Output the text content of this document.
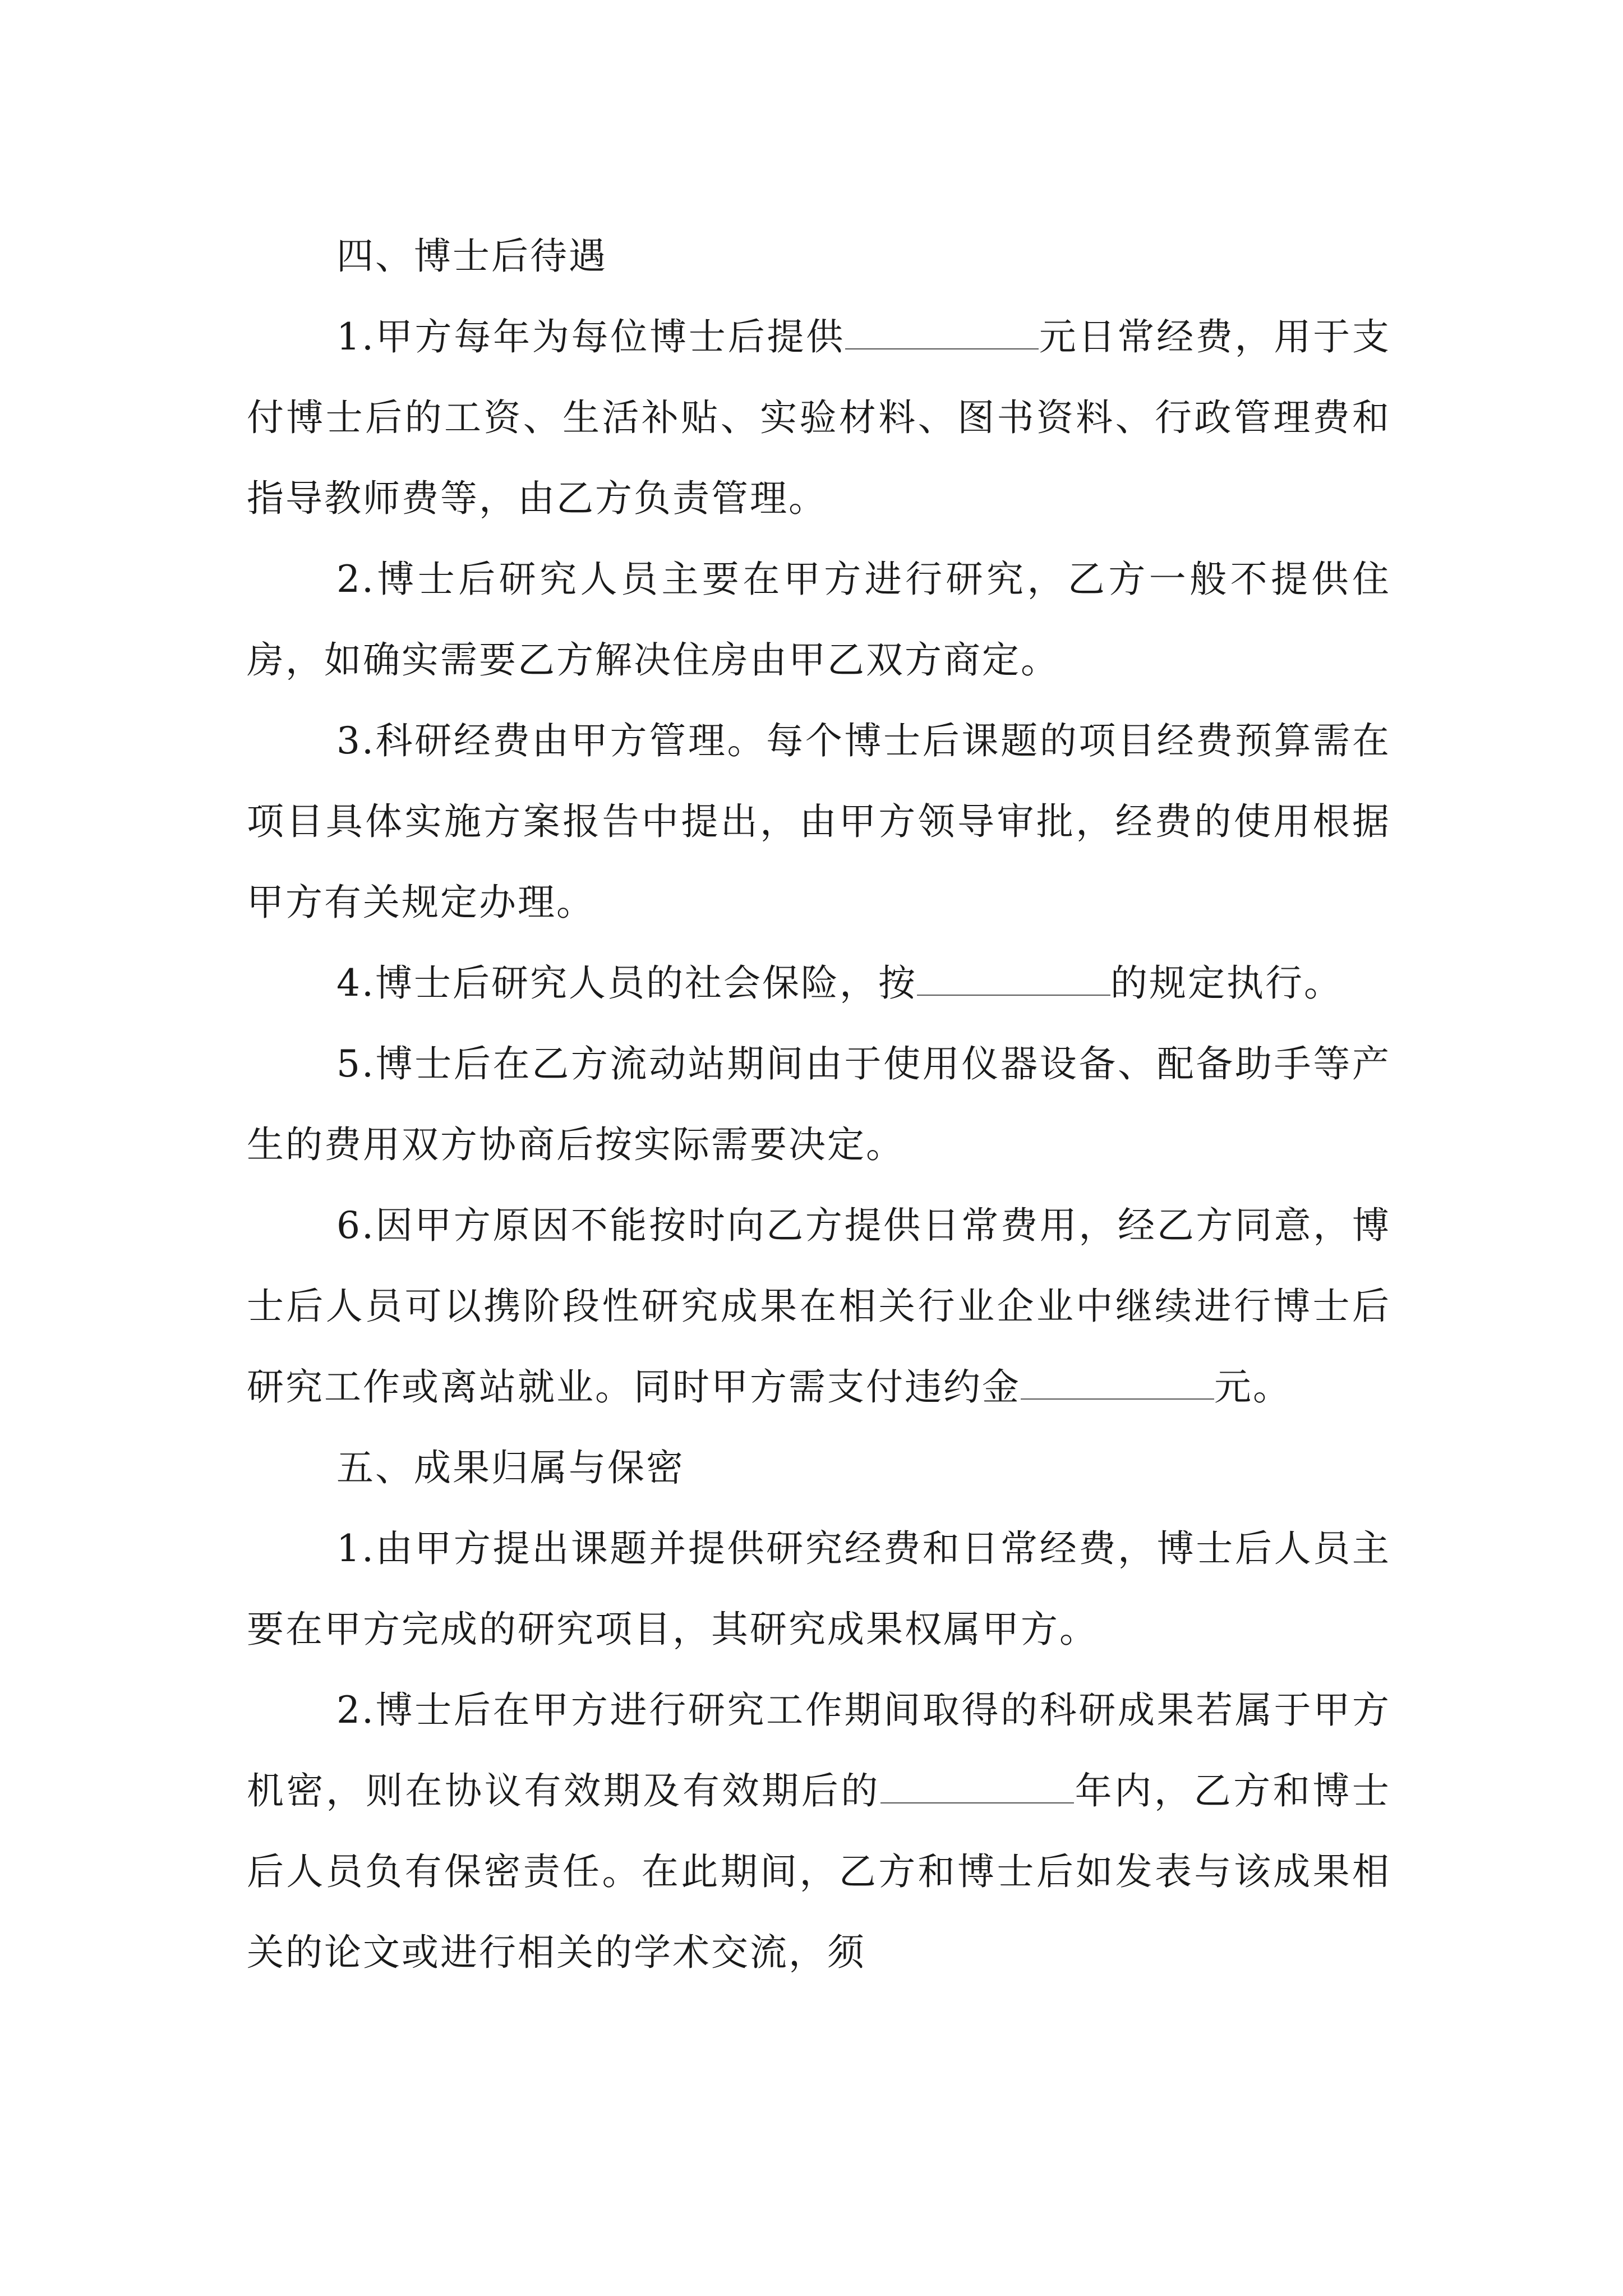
四、博士后待遇

1.甲方每年为每位博士后提供	元日常经费，用于支付博士后的工资、生活补贴、实验材料、图书资料、行政管理费和指导教师费等，由乙方负责管理。

2.博士后研究人员主要在甲方进行研究，乙方一般不提供住房，如确实需要乙方解决住房由甲乙双方商定。

3.科研经费由甲方管理。每个博士后课题的项目经费预算需在项目具体实施方案报告中提出，由甲方领导审批，经费的使用根据甲方有关规定办理。

4.博士后研究人员的社会保险，按	的规定执行。

5.博士后在乙方流动站期间由于使用仪器设备、配备助手等产生的费用双方协商后按实际需要决定。

6.因甲方原因不能按时向乙方提供日常费用，经乙方同意，博士后人员可以携阶段性研究成果在相关行业企业中继续进行博士后研究工作或离站就业。同时甲方需支付违约金	元。

五、成果归属与保密

1.由甲方提出课题并提供研究经费和日常经费，博士后人员主要在甲方完成的研究项目，其研究成果权属甲方。

2.博士后在甲方进行研究工作期间取得的科研成果若属于甲方机密，则在协议有效期及有效期后的	年内，乙方和博士后人员负有保密责任。在此期间，乙方和博士后如发表与该成果相关的论文或进行相关的学术交流，须
